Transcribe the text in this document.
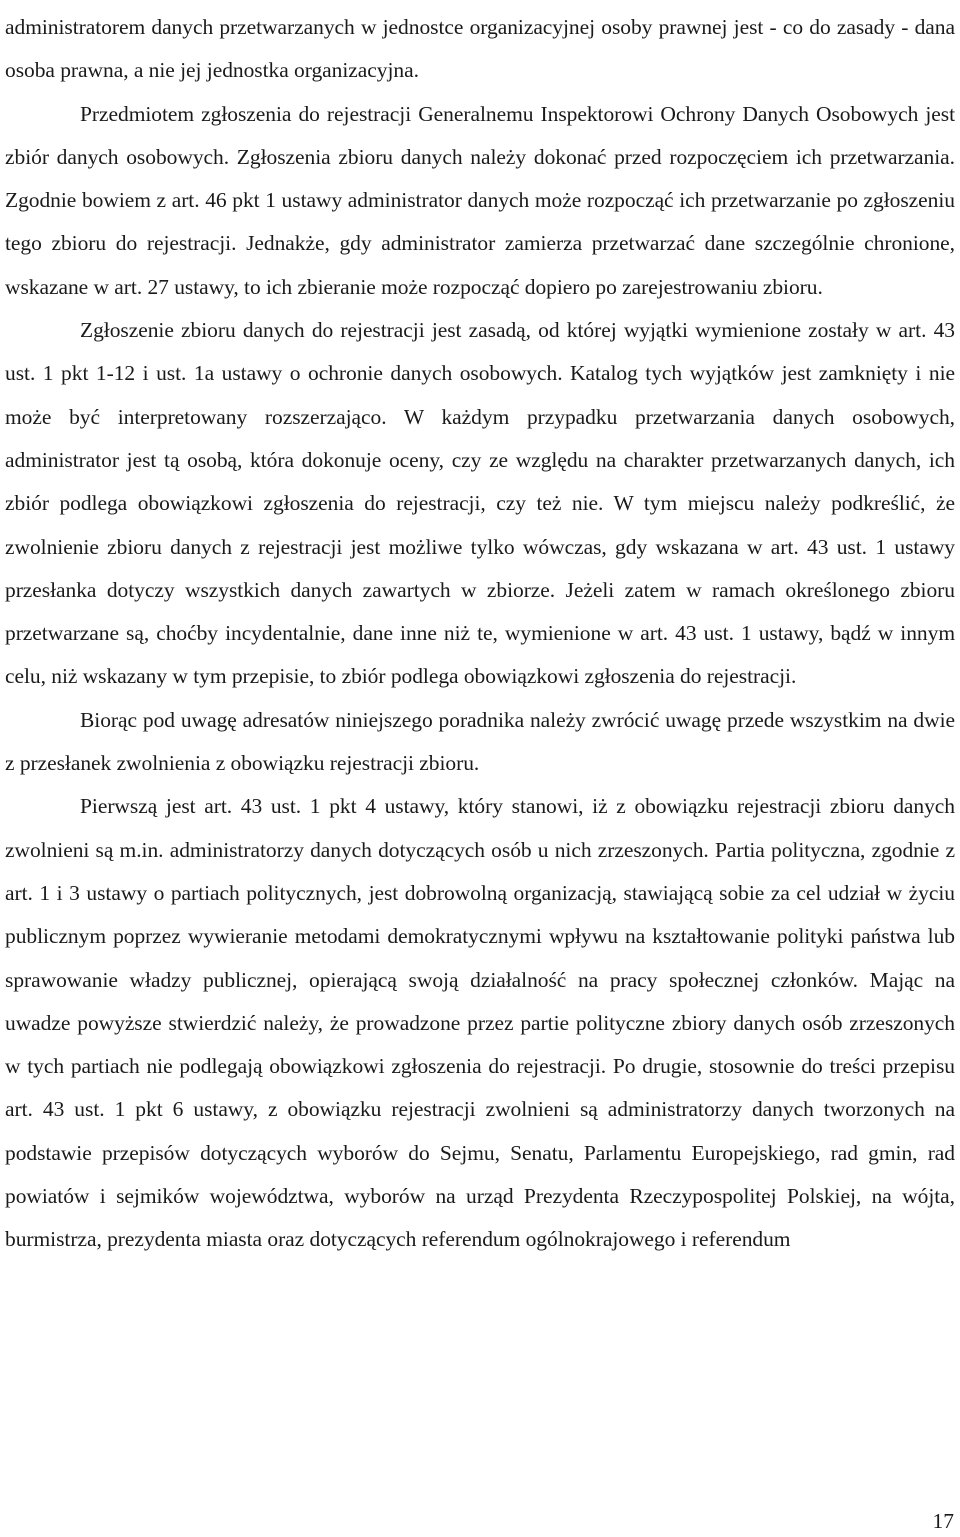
administratorem danych przetwarzanych w jednostce organizacyjnej osoby prawnej jest - co do zasady - dana osoba prawna, a nie jej jednostka organizacyjna.

Przedmiotem zgłoszenia do rejestracji Generalnemu Inspektorowi Ochrony Danych Osobowych jest zbiór danych osobowych. Zgłoszenia zbioru danych należy dokonać przed rozpoczęciem ich przetwarzania. Zgodnie bowiem z art. 46 pkt 1 ustawy administrator danych może rozpocząć ich przetwarzanie po zgłoszeniu tego zbioru do rejestracji. Jednakże, gdy administrator zamierza przetwarzać dane szczególnie chronione, wskazane w art. 27 ustawy, to ich zbieranie może rozpocząć dopiero po zarejestrowaniu zbioru.

Zgłoszenie zbioru danych do rejestracji jest zasadą, od której wyjątki wymienione zostały w art. 43 ust. 1 pkt 1-12 i ust. 1a ustawy o ochronie danych osobowych. Katalog tych wyjątków jest zamknięty i nie może być interpretowany rozszerzająco. W każdym przypadku przetwarzania danych osobowych, administrator jest tą osobą, która dokonuje oceny, czy ze względu na charakter przetwarzanych danych, ich zbiór podlega obowiązkowi zgłoszenia do rejestracji, czy też nie. W tym miejscu należy podkreślić, że zwolnienie zbioru danych z rejestracji jest możliwe tylko wówczas, gdy wskazana w art. 43 ust. 1 ustawy przesłanka dotyczy wszystkich danych zawartych w zbiorze. Jeżeli zatem w ramach określonego zbioru przetwarzane są, choćby incydentalnie, dane inne niż te, wymienione w art. 43 ust. 1 ustawy, bądź w innym celu, niż wskazany w tym przepisie, to zbiór podlega obowiązkowi zgłoszenia do rejestracji.

Biorąc pod uwagę adresatów niniejszego poradnika należy zwrócić uwagę przede wszystkim na dwie z przesłanek zwolnienia z obowiązku rejestracji zbioru.

Pierwszą jest art. 43 ust. 1 pkt 4 ustawy, który stanowi, iż z obowiązku rejestracji zbioru danych zwolnieni są m.in. administratorzy danych dotyczących osób u nich zrzeszonych. Partia polityczna, zgodnie z art. 1 i 3 ustawy o partiach politycznych, jest dobrowolną organizacją, stawiającą sobie za cel udział w życiu publicznym poprzez wywieranie metodami demokratycznymi wpływu na kształtowanie polityki państwa lub sprawowanie władzy publicznej, opierającą swoją działalność na pracy społecznej członków. Mając na uwadze powyższe stwierdzić należy, że prowadzone przez partie polityczne zbiory danych osób zrzeszonych w tych partiach nie podlegają obowiązkowi zgłoszenia do rejestracji. Po drugie, stosownie do treści przepisu art. 43 ust. 1 pkt 6 ustawy, z obowiązku rejestracji zwolnieni są administratorzy danych tworzonych na podstawie przepisów dotyczących wyborów do Sejmu, Senatu, Parlamentu Europejskiego, rad gmin, rad powiatów i sejmików województwa, wyborów na urząd Prezydenta Rzeczypospolitej Polskiej, na wójta, burmistrza, prezydenta miasta oraz dotyczących referendum ogólnokrajowego i referendum

17
